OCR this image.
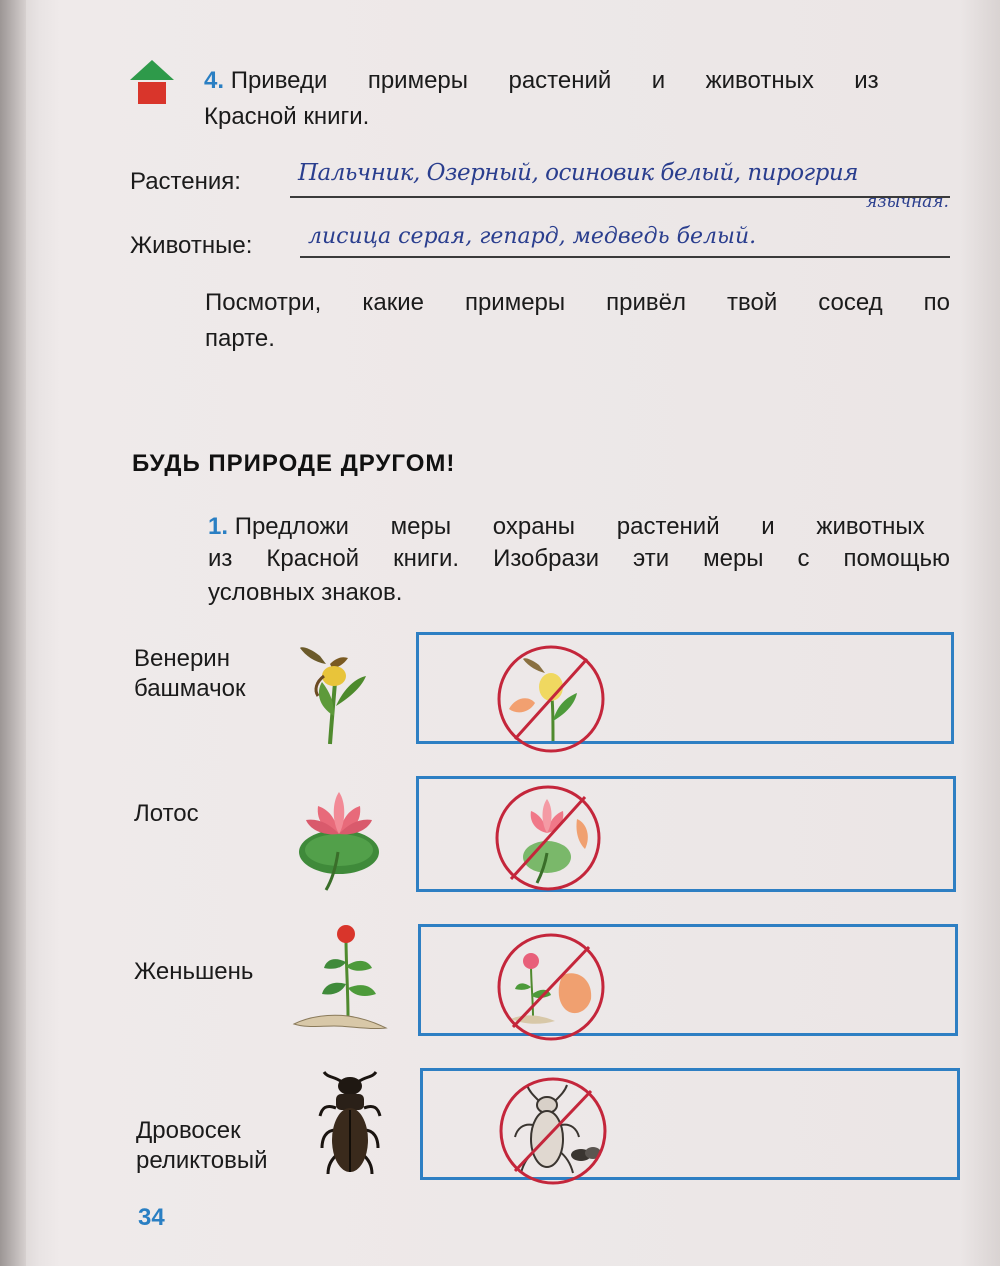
4. Приведи примеры растений и животных из
Красной книги.
Растения: Пальчник, Озерный, осиновик белый, пирогрия
язычная.
Животные:	лисица серая, гепард, медведь белый.
Посмотри, какие примеры привёл твой сосед по
парте.
БУДЬ ПРИРОДЕ ДРУГОМ!
1. Предложи меры охраны растений и животных
из Красной книги. Изобрази эти меры с помощью
условных знаков.
Венерин
башмачок
Лотос
Женьшень
Дровосек
реликтовый
34
